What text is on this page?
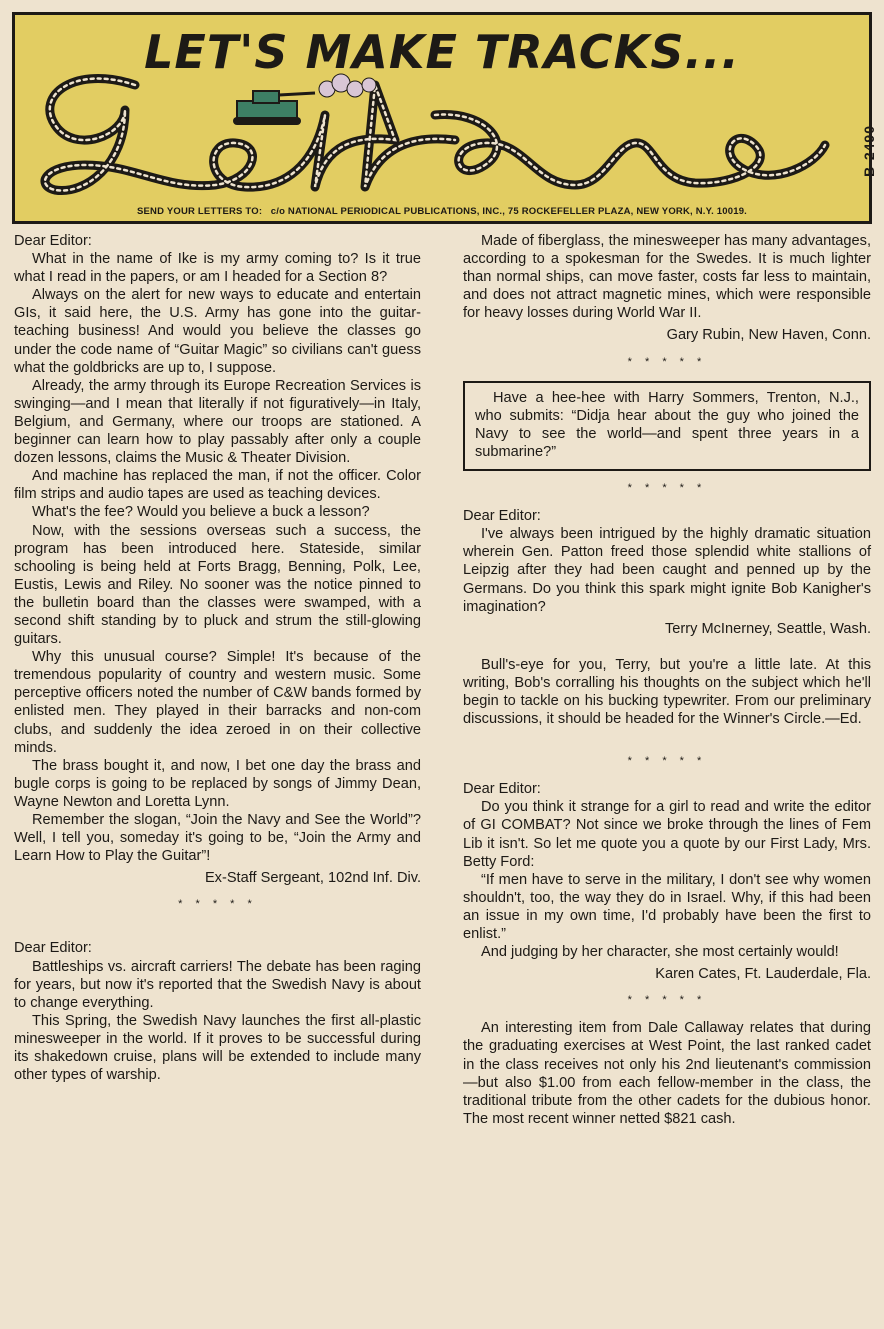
LET'S MAKE TRACKS...
B-2490
SEND YOUR LETTERS TO: c/o NATIONAL PERIODICAL PUBLICATIONS, INC., 75 ROCKEFELLER PLAZA, NEW YORK, N.Y. 10019.

Dear Editor:

What in the name of Ike is my army coming to? Is it true what I read in the papers, or am I headed for a Section 8?

Always on the alert for new ways to educate and entertain GIs, it said here, the U.S. Army has gone into the guitar-teaching business! And would you believe the classes go under the code name of “Guitar Magic” so civilians can't guess what the goldbricks are up to, I suppose.

Already, the army through its Europe Recreation Services is swinging—and I mean that literally if not figuratively—in Italy, Belgium, and Germany, where our troops are stationed. A beginner can learn how to play passably after only a couple dozen lessons, claims the Music & Theater Division.

And machine has replaced the man, if not the officer. Color film strips and audio tapes are used as teaching devices.

What's the fee? Would you believe a buck a lesson?

Now, with the sessions overseas such a success, the program has been introduced here. Stateside, similar schooling is being held at Forts Bragg, Benning, Polk, Lee, Eustis, Lewis and Riley. No sooner was the notice pinned to the bulletin board than the classes were swamped, with a second shift standing by to pluck and strum the still-glowing guitars.

Why this unusual course? Simple! It's because of the tremendous popularity of country and western music. Some perceptive officers noted the number of C&W bands formed by enlisted men. They played in their barracks and non-com clubs, and suddenly the idea zeroed in on their collective minds.

The brass bought it, and now, I bet one day the brass and bugle corps is going to be replaced by songs of Jimmy Dean, Wayne Newton and Loretta Lynn.

Remember the slogan, “Join the Navy and See the World”? Well, I tell you, someday it's going to be, “Join the Army and Learn How to Play the Guitar”!

Ex-Staff Sergeant, 102nd Inf. Div.

* * * * *

Dear Editor:

Battleships vs. aircraft carriers! The debate has been raging for years, but now it's reported that the Swedish Navy is about to change everything.

This Spring, the Swedish Navy launches the first all-plastic minesweeper in the world. If it proves to be successful during its shakedown cruise, plans will be extended to include many other types of warship.

Made of fiberglass, the minesweeper has many advantages, according to a spokesman for the Swedes. It is much lighter than normal ships, can move faster, costs far less to maintain, and does not attract magnetic mines, which were responsible for heavy losses during World War II.

Gary Rubin, New Haven, Conn.

* * * * *

Have a hee-hee with Harry Sommers, Trenton, N.J., who submits: “Didja hear about the guy who joined the Navy to see the world—and spent three years in a submarine?”

* * * * *

Dear Editor:

I've always been intrigued by the highly dramatic situation wherein Gen. Patton freed those splendid white stallions of Leipzig after they had been caught and penned up by the Germans. Do you think this spark might ignite Bob Kanigher's imagination?

Terry McInerney, Seattle, Wash.

Bull's-eye for you, Terry, but you're a little late. At this writing, Bob's corralling his thoughts on the subject which he'll begin to tackle on his bucking typewriter. From our preliminary discussions, it should be headed for the Winner's Circle.—Ed.

* * * * *

Dear Editor:

Do you think it strange for a girl to read and write the editor of GI COMBAT? Not since we broke through the lines of Fem Lib it isn't. So let me quote you a quote by our First Lady, Mrs. Betty Ford:

“If men have to serve in the military, I don't see why women shouldn't, too, the way they do in Israel. Why, if this had been an issue in my own time, I'd probably have been the first to enlist.”

And judging by her character, she most certainly would!

Karen Cates, Ft. Lauderdale, Fla.

* * * * *

An interesting item from Dale Callaway relates that during the graduating exercises at West Point, the last ranked cadet in the class receives not only his 2nd lieutenant's commission—but also $1.00 from each fellow-member in the class, the traditional tribute from the other cadets for the dubious honor. The most recent winner netted $821 cash.
